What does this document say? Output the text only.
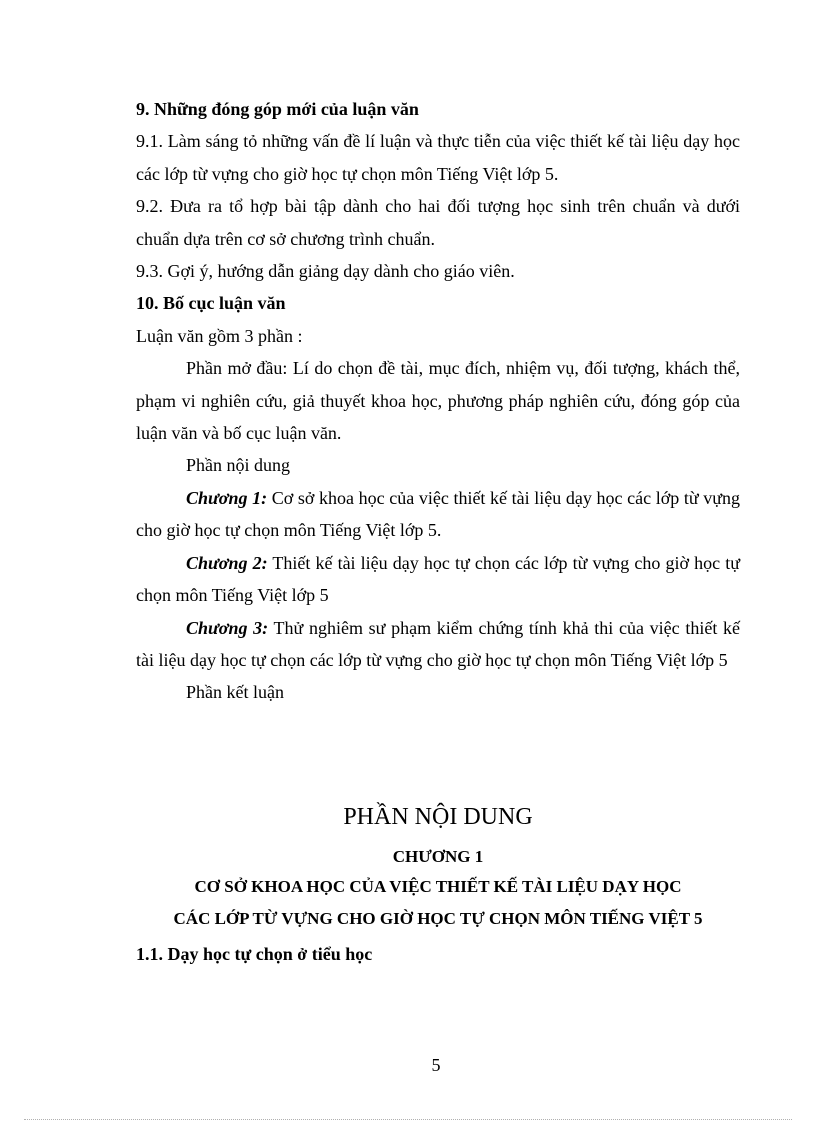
9. Những đóng góp mới của luận văn

9.1. Làm sáng tỏ những vấn đề lí luận và thực tiễn của việc thiết kế tài liệu dạy học các lớp từ vựng cho giờ học tự chọn môn Tiếng Việt lớp 5.

9.2. Đưa ra tổ hợp bài tập dành cho hai đối tượng học sinh trên chuẩn và dưới chuẩn dựa trên cơ sở chương trình chuẩn.

9.3. Gợi ý, hướng dẫn giảng dạy dành cho giáo viên.

10. Bố cục luận văn

Luận văn gồm 3 phần :

Phần mở đầu: Lí do chọn đề tài, mục đích, nhiệm vụ, đối tượng, khách thể, phạm vi nghiên cứu, giả thuyết khoa học, phương pháp nghiên cứu, đóng góp của luận văn và bố cục luận văn.

Phần nội dung

Chương 1: Cơ sở khoa học của việc thiết kế tài liệu dạy học các lớp từ vựng cho giờ học tự chọn môn Tiếng Việt lớp 5.

Chương 2: Thiết kế tài liệu dạy học tự chọn các lớp từ vựng cho giờ học tự chọn môn Tiếng Việt lớp 5

Chương 3: Thử nghiêm sư phạm kiểm chứng tính khả thi của việc thiết kế tài liệu dạy học tự chọn các lớp từ vựng cho giờ học tự chọn môn Tiếng Việt lớp 5

Phần kết luận

PHẦN NỘI DUNG
CHƯƠNG 1
CƠ SỞ KHOA HỌC CỦA VIỆC THIẾT KẾ TÀI LIỆU DẠY HỌC
CÁC LỚP TỪ VỰNG CHO GIỜ HỌC TỰ CHỌN MÔN TIẾNG VIỆT 5

1.1. Dạy học tự chọn ở tiểu học

5
